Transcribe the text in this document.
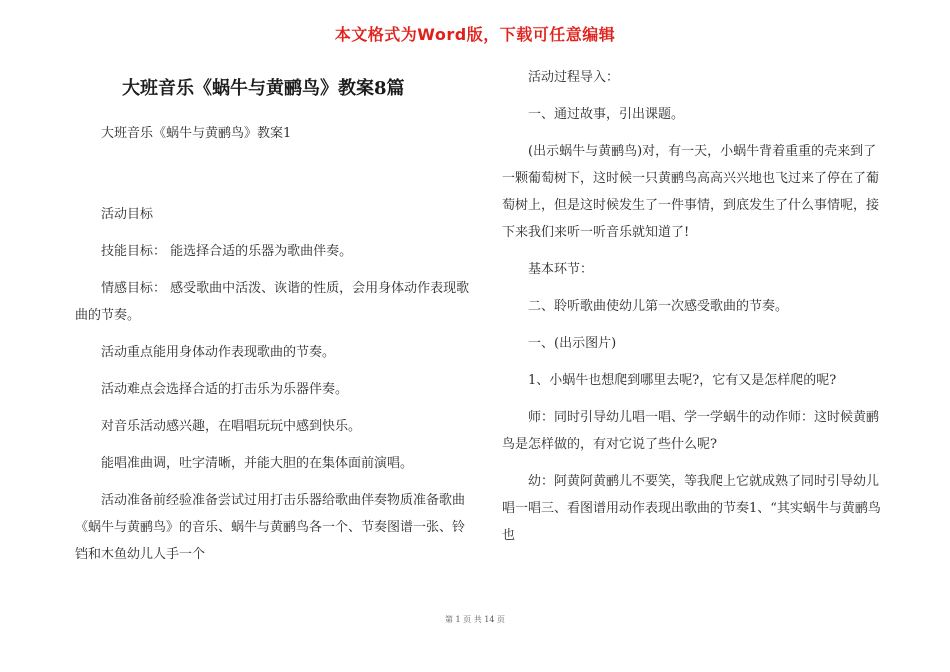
本文格式为Word版，下载可任意编辑
大班音乐《蜗牛与黄鹂鸟》教案8篇

大班音乐《蜗牛与黄鹂鸟》教案1

活动目标

技能目标： 能选择合适的乐器为歌曲伴奏。

情感目标： 感受歌曲中活泼、诙谐的性质，会用身体动作表现歌曲的节奏。

活动重点能用身体动作表现歌曲的节奏。

活动难点会选择合适的打击乐为乐器伴奏。

对音乐活动感兴趣，在唱唱玩玩中感到快乐。

能唱准曲调，吐字清晰，并能大胆的在集体面前演唱。

活动准备前经验准备尝试过用打击乐器给歌曲伴奏物质准备歌曲《蜗牛与黄鹂鸟》的音乐、蜗牛与黄鹂鸟各一个、节奏图谱一张、铃铛和木鱼幼儿人手一个

活动过程导入：

一、通过故事，引出课题。

(出示蜗牛与黄鹂鸟)对，有一天，小蜗牛背着重重的壳来到了一颗葡萄树下，这时候一只黄鹂鸟高高兴兴地也飞过来了停在了葡萄树上，但是这时候发生了一件事情，到底发生了什么事情呢，接下来我们来听一听音乐就知道了!

基本环节：

二、聆听歌曲使幼儿第一次感受歌曲的节奏。

一、(出示图片)

1、小蜗牛也想爬到哪里去呢?，它有又是怎样爬的呢?

师：同时引导幼儿唱一唱、学一学蜗牛的动作师：这时候黄鹂鸟是怎样做的，有对它说了些什么呢?

幼：阿黄阿黄鹂儿不要笑，等我爬上它就成熟了同时引导幼儿唱一唱三、看图谱用动作表现出歌曲的节奏1、“其实蜗牛与黄鹂鸟也

第 1 页 共 14 页
